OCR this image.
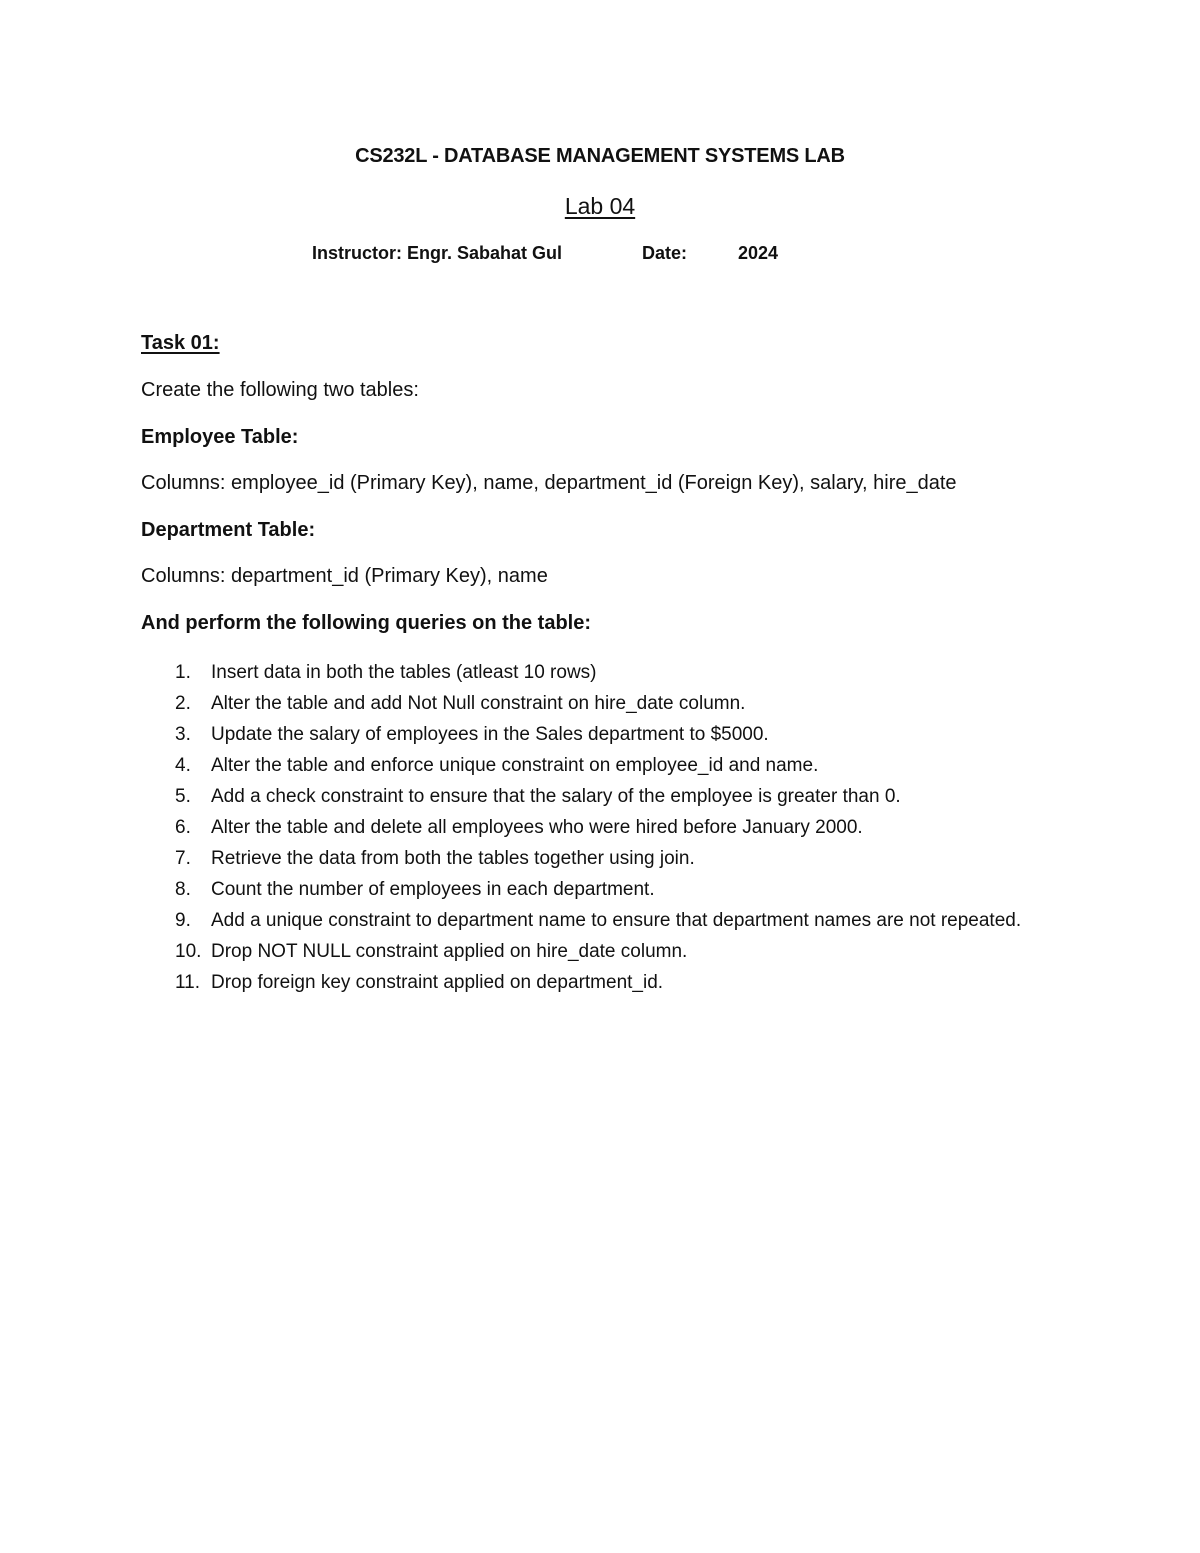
CS232L - DATABASE MANAGEMENT SYSTEMS LAB
Lab 04
Instructor: Engr. Sabahat Gul	Date:	2024
Task 01:
Create the following two tables:
Employee Table:
Columns: employee_id (Primary Key), name, department_id (Foreign Key), salary, hire_date
Department Table:
Columns: department_id (Primary Key), name
And perform the following queries on the table:
1. Insert data in both the tables (atleast 10 rows)
2. Alter the table and add Not Null constraint on hire_date column.
3. Update the salary of employees in the Sales department to $5000.
4. Alter the table and enforce unique constraint on employee_id and name.
5. Add a check constraint to ensure that the salary of the employee is greater than 0.
6. Alter the table and delete all employees who were hired before January 2000.
7. Retrieve the data from both the tables together using join.
8. Count the number of employees in each department.
9. Add a unique constraint to department name to ensure that department names are not repeated.
10. Drop NOT NULL constraint applied on hire_date column.
11. Drop foreign key constraint applied on department_id.
